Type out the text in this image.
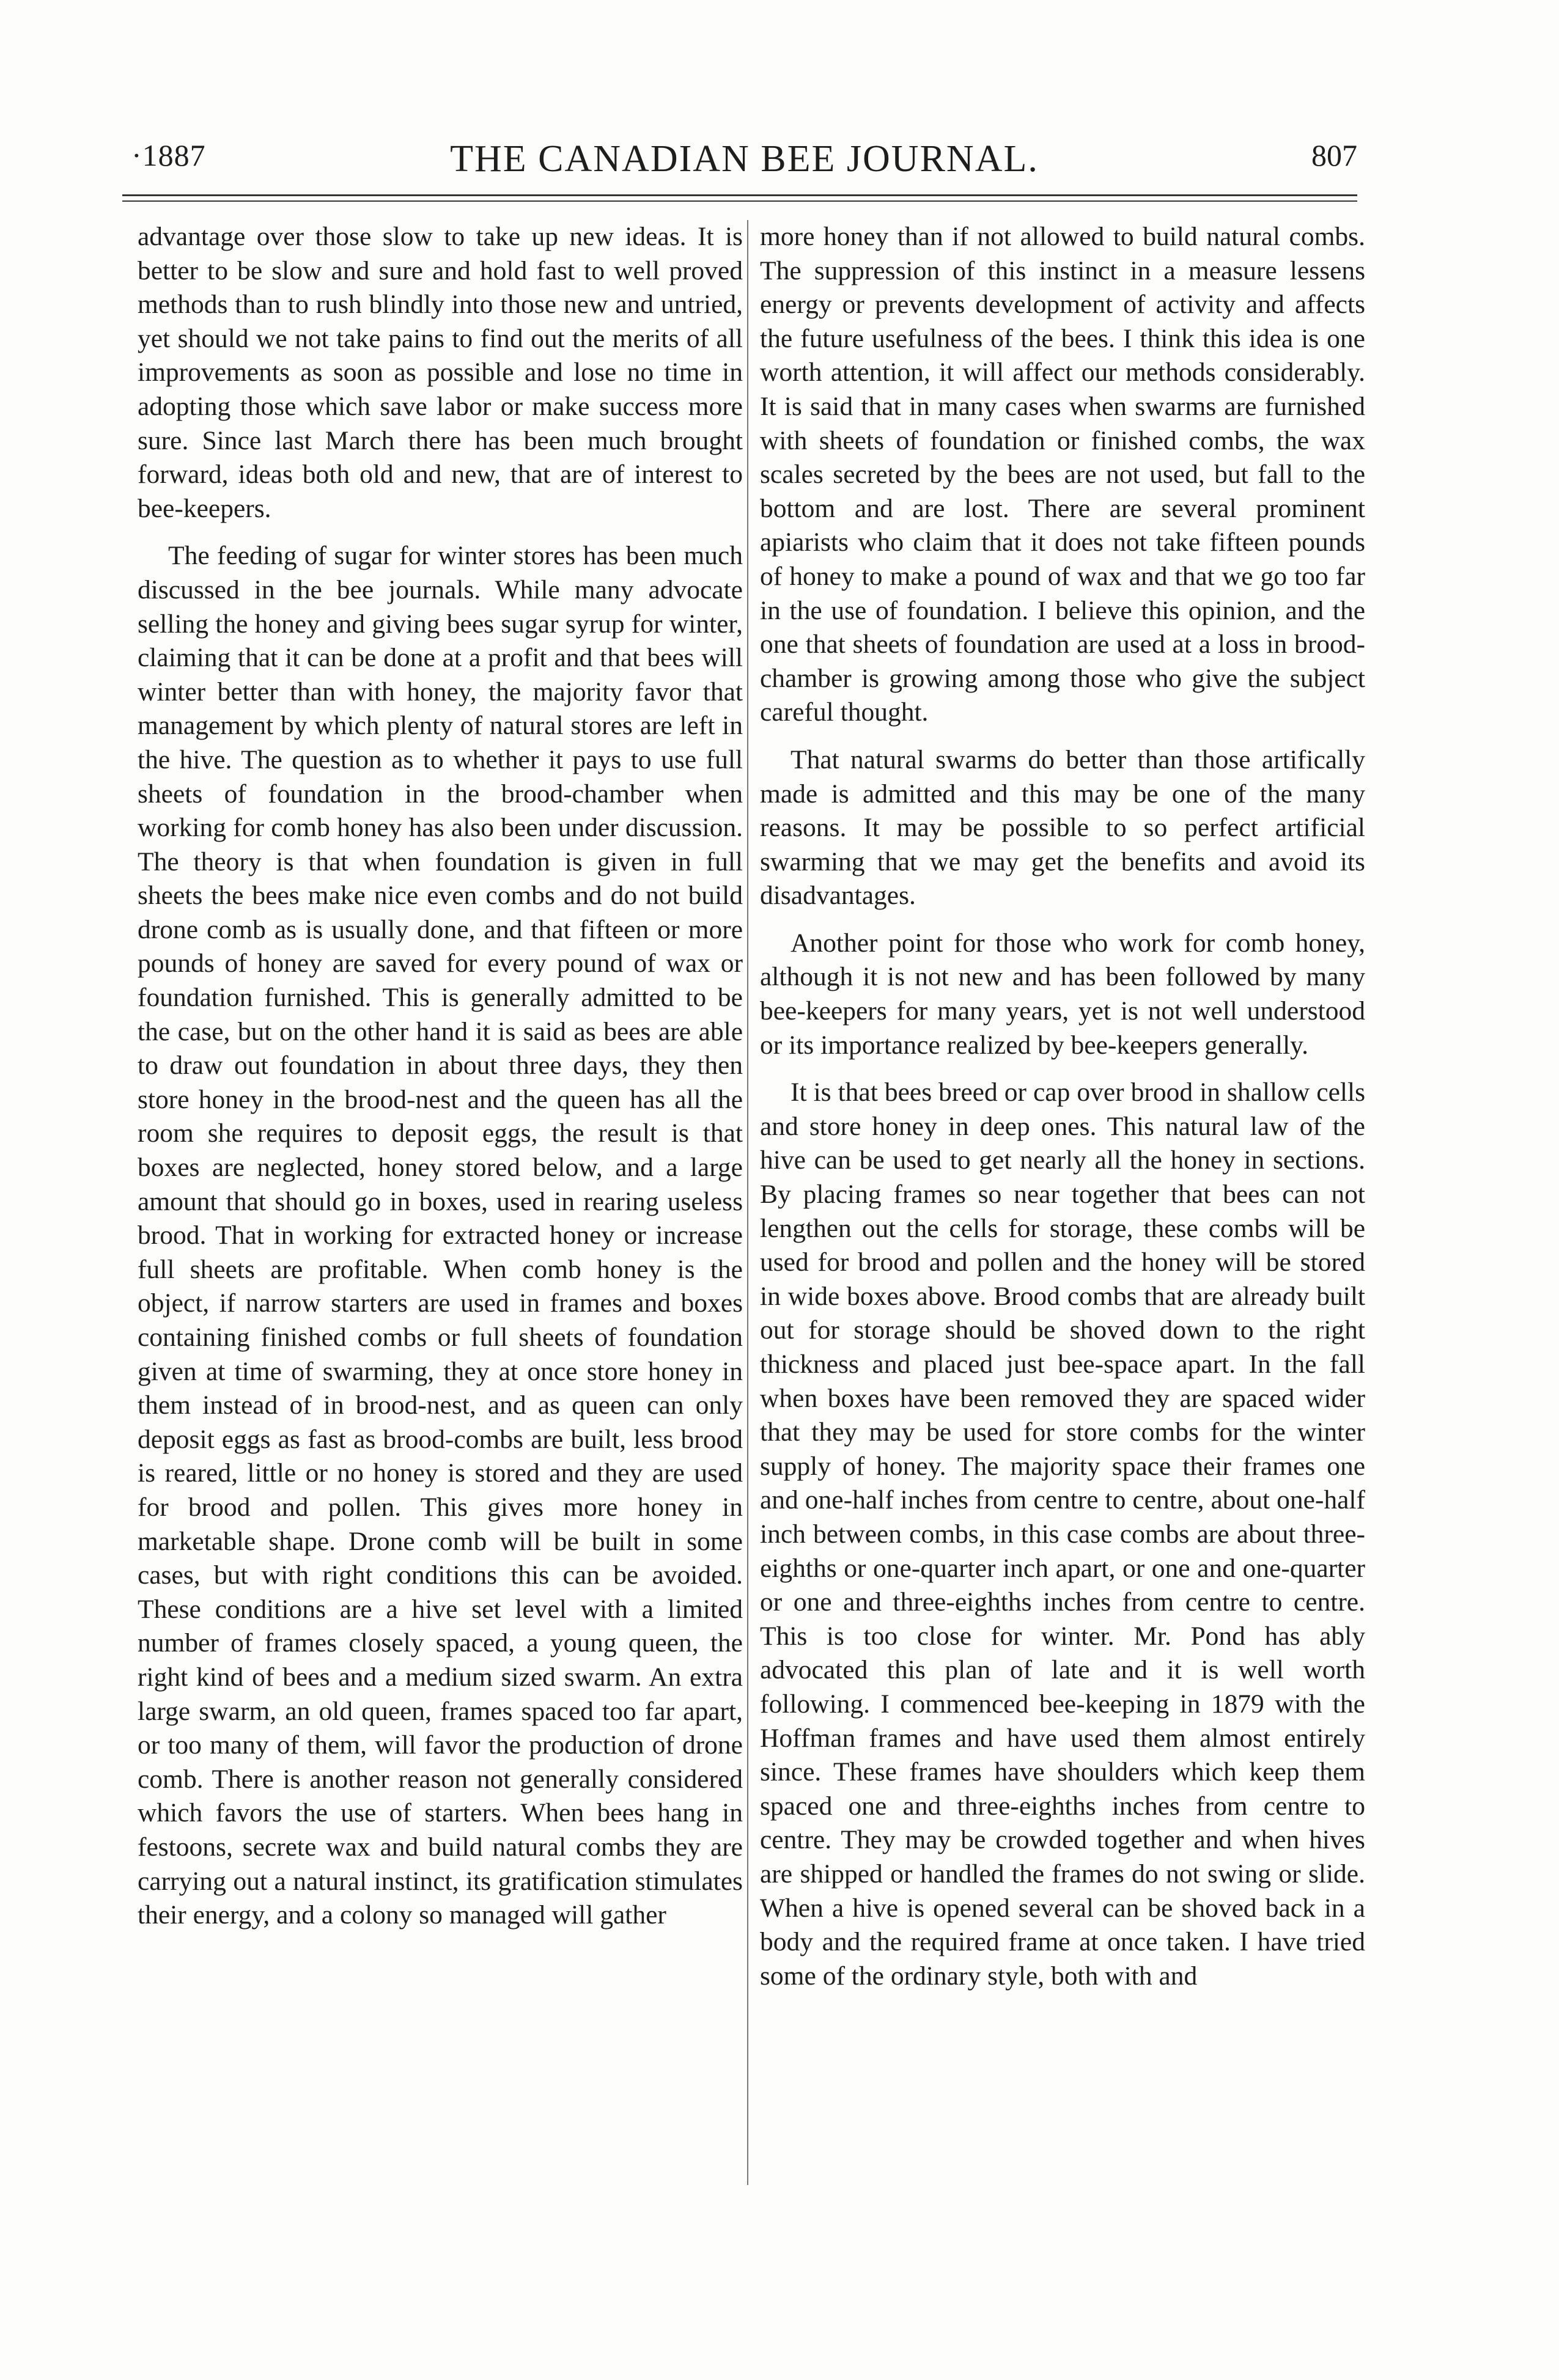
·1887	THE CANADIAN BEE JOURNAL.	807

advantage over those slow to take up new ideas. It is better to be slow and sure and hold fast to well proved methods than to rush blindly into those new and untried, yet should we not take pains to find out the merits of all improvements as soon as possible and lose no time in adopting those which save labor or make success more sure. Since last March there has been much brought forward, ideas both old and new, that are of interest to bee-keepers.

The feeding of sugar for winter stores has been much discussed in the bee journals. While many advocate selling the honey and giving bees sugar syrup for winter, claiming that it can be done at a profit and that bees will winter better than with honey, the majority favor that management by which plenty of natural stores are left in the hive. The question as to whether it pays to use full sheets of foundation in the brood-chamber when working for comb honey has also been under discussion. The theory is that when foundation is given in full sheets the bees make nice even combs and do not build drone comb as is usually done, and that fifteen or more pounds of honey are saved for every pound of wax or foundation furnished. This is generally admitted to be the case, but on the other hand it is said as bees are able to draw out foundation in about three days, they then store honey in the brood-nest and the queen has all the room she requires to deposit eggs, the result is that boxes are neglected, honey stored below, and a large amount that should go in boxes, used in rearing useless brood. That in working for extracted honey or increase full sheets are profitable. When comb honey is the object, if narrow starters are used in frames and boxes containing finished combs or full sheets of foundation given at time of swarming, they at once store honey in them instead of in brood-nest, and as queen can only deposit eggs as fast as brood-combs are built, less brood is reared, little or no honey is stored and they are used for brood and pollen. This gives more honey in marketable shape. Drone comb will be built in some cases, but with right conditions this can be avoided. These conditions are a hive set level with a limited number of frames closely spaced, a young queen, the right kind of bees and a medium sized swarm. An extra large swarm, an old queen, frames spaced too far apart, or too many of them, will favor the production of drone comb. There is another reason not generally considered which favors the use of starters. When bees hang in festoons, secrete wax and build natural combs they are carrying out a natural instinct, its gratification stimulates their energy, and a colony so managed will gather

more honey than if not allowed to build natural combs. The suppression of this instinct in a measure lessens energy or prevents development of activity and affects the future usefulness of the bees. I think this idea is one worth attention, it will affect our methods considerably. It is said that in many cases when swarms are furnished with sheets of foundation or finished combs, the wax scales secreted by the bees are not used, but fall to the bottom and are lost. There are several prominent apiarists who claim that it does not take fifteen pounds of honey to make a pound of wax and that we go too far in the use of foundation. I believe this opinion, and the one that sheets of foundation are used at a loss in brood-chamber is growing among those who give the subject careful thought.

That natural swarms do better than those artifically made is admitted and this may be one of the many reasons. It may be possible to so perfect artificial swarming that we may get the benefits and avoid its disadvantages.

Another point for those who work for comb honey, although it is not new and has been followed by many bee-keepers for many years, yet is not well understood or its importance realized by bee-keepers generally.

It is that bees breed or cap over brood in shallow cells and store honey in deep ones. This natural law of the hive can be used to get nearly all the honey in sections. By placing frames so near together that bees can not lengthen out the cells for storage, these combs will be used for brood and pollen and the honey will be stored in wide boxes above. Brood combs that are already built out for storage should be shoved down to the right thickness and placed just bee-space apart. In the fall when boxes have been removed they are spaced wider that they may be used for store combs for the winter supply of honey. The majority space their frames one and one-half inches from centre to centre, about one-half inch between combs, in this case combs are about three-eighths or one-quarter inch apart, or one and one-quarter or one and three-eighths inches from centre to centre. This is too close for winter. Mr. Pond has ably advocated this plan of late and it is well worth following. I commenced bee-keeping in 1879 with the Hoffman frames and have used them almost entirely since. These frames have shoulders which keep them spaced one and three-eighths inches from centre to centre. They may be crowded together and when hives are shipped or handled the frames do not swing or slide. When a hive is opened several can be shoved back in a body and the required frame at once taken. I have tried some of the ordinary style, both with and
